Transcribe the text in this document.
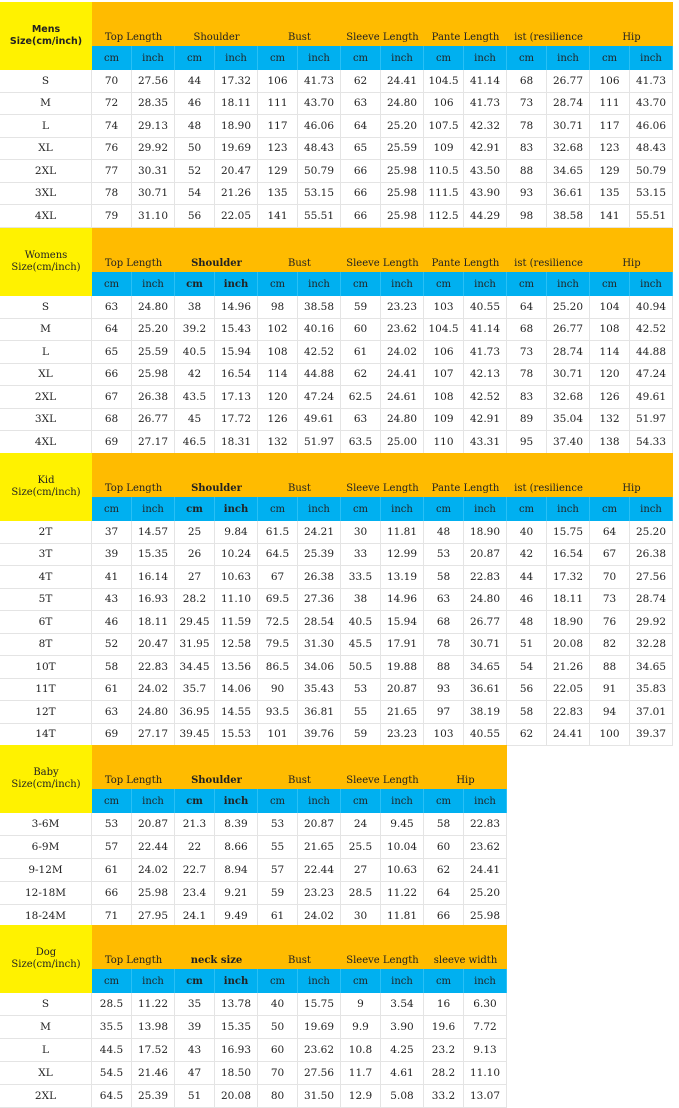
Mens
Size(cm/inch)	Top Length	Shoulder	Bust	Sleeve Length	Pante Length	ist (resilience	Hip
cm	inch	cm	inch	cm	inch	cm	inch	cm	inch	cm	inch	cm	inch
S	70	27.56	44	17.32	106	41.73	62	24.41	104.5	41.14	68	26.77	106	41.73
M	72	28.35	46	18.11	111	43.70	63	24.80	106	41.73	73	28.74	111	43.70
L	74	29.13	48	18.90	117	46.06	64	25.20	107.5	42.32	78	30.71	117	46.06
XL	76	29.92	50	19.69	123	48.43	65	25.59	109	42.91	83	32.68	123	48.43
2XL	77	30.31	52	20.47	129	50.79	66	25.98	110.5	43.50	88	34.65	129	50.79
3XL	78	30.71	54	21.26	135	53.15	66	25.98	111.5	43.90	93	36.61	135	53.15
4XL	79	31.10	56	22.05	141	55.51	66	25.98	112.5	44.29	98	38.58	141	55.51
Womens
Size(cm/inch)	Top Length	Shoulder	Bust	Sleeve Length	Pante Length	ist (resilience	Hip
cm	inch	cm	inch	cm	inch	cm	inch	cm	inch	cm	inch	cm	inch
S	63	24.80	38	14.96	98	38.58	59	23.23	103	40.55	64	25.20	104	40.94
M	64	25.20	39.2	15.43	102	40.16	60	23.62	104.5	41.14	68	26.77	108	42.52
L	65	25.59	40.5	15.94	108	42.52	61	24.02	106	41.73	73	28.74	114	44.88
XL	66	25.98	42	16.54	114	44.88	62	24.41	107	42.13	78	30.71	120	47.24
2XL	67	26.38	43.5	17.13	120	47.24	62.5	24.61	108	42.52	83	32.68	126	49.61
3XL	68	26.77	45	17.72	126	49.61	63	24.80	109	42.91	89	35.04	132	51.97
4XL	69	27.17	46.5	18.31	132	51.97	63.5	25.00	110	43.31	95	37.40	138	54.33
Kid
Size(cm/inch)	Top Length	Shoulder	Bust	Sleeve Length	Pante Length	ist (resilience	Hip
cm	inch	cm	inch	cm	inch	cm	inch	cm	inch	cm	inch	cm	inch
2T	37	14.57	25	9.84	61.5	24.21	30	11.81	48	18.90	40	15.75	64	25.20
3T	39	15.35	26	10.24	64.5	25.39	33	12.99	53	20.87	42	16.54	67	26.38
4T	41	16.14	27	10.63	67	26.38	33.5	13.19	58	22.83	44	17.32	70	27.56
5T	43	16.93	28.2	11.10	69.5	27.36	38	14.96	63	24.80	46	18.11	73	28.74
6T	46	18.11	29.45	11.59	72.5	28.54	40.5	15.94	68	26.77	48	18.90	76	29.92
8T	52	20.47	31.95	12.58	79.5	31.30	45.5	17.91	78	30.71	51	20.08	82	32.28
10T	58	22.83	34.45	13.56	86.5	34.06	50.5	19.88	88	34.65	54	21.26	88	34.65
11T	61	24.02	35.7	14.06	90	35.43	53	20.87	93	36.61	56	22.05	91	35.83
12T	63	24.80	36.95	14.55	93.5	36.81	55	21.65	97	38.19	58	22.83	94	37.01
14T	69	27.17	39.45	15.53	101	39.76	59	23.23	103	40.55	62	24.41	100	39.37
Baby
Size(cm/inch)	Top Length	Shoulder	Bust	Sleeve Length	Hip
cm	inch	cm	inch	cm	inch	cm	inch	cm	inch
3-6M	53	20.87	21.3	8.39	53	20.87	24	9.45	58	22.83
6-9M	57	22.44	22	8.66	55	21.65	25.5	10.04	60	23.62
9-12M	61	24.02	22.7	8.94	57	22.44	27	10.63	62	24.41
12-18M	66	25.98	23.4	9.21	59	23.23	28.5	11.22	64	25.20
18-24M	71	27.95	24.1	9.49	61	24.02	30	11.81	66	25.98
Dog
Size(cm/inch)	Top Length	neck size	Bust	Sleeve Length	sleeve width
cm	inch	cm	inch	cm	inch	cm	inch	cm	inch
S	28.5	11.22	35	13.78	40	15.75	9	3.54	16	6.30
M	35.5	13.98	39	15.35	50	19.69	9.9	3.90	19.6	7.72
L	44.5	17.52	43	16.93	60	23.62	10.8	4.25	23.2	9.13
XL	54.5	21.46	47	18.50	70	27.56	11.7	4.61	28.2	11.10
2XL	64.5	25.39	51	20.08	80	31.50	12.9	5.08	33.2	13.07
